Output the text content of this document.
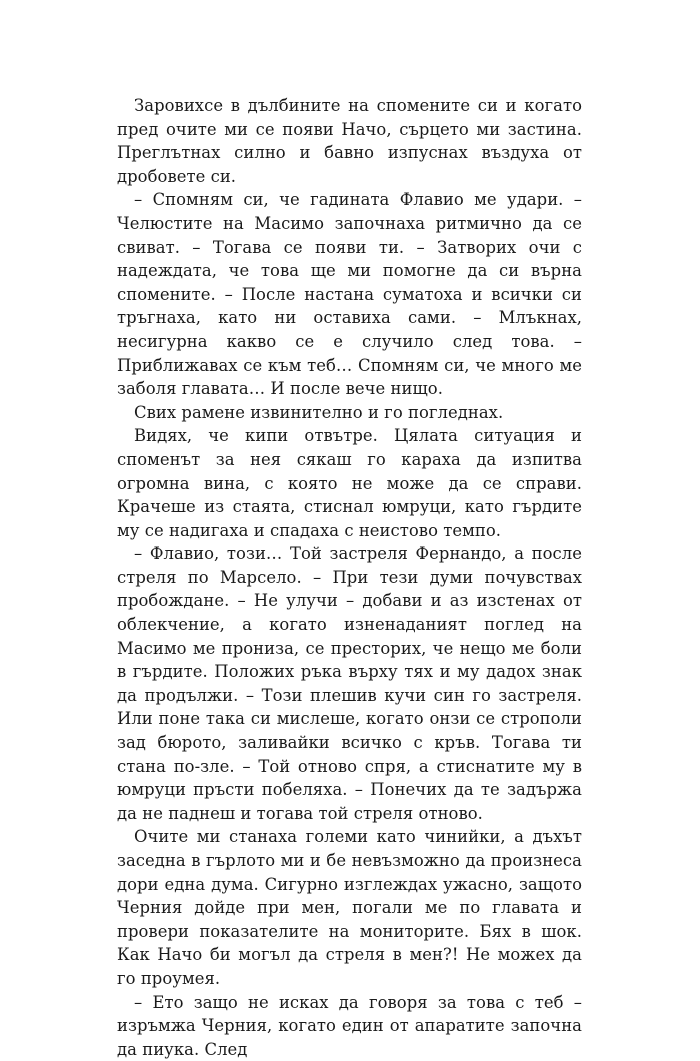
Заровихсе в дълбините на спомените си и когато пред очите ми се появи Начо, сърцето ми застина. Преглътнах силно и бавно изпуснах въздуха от дробовете си.

– Спомням си, че гадината Флавио ме удари. – Челюстите на Масимо започнаха ритмично да се свиват. – Тогава се появи ти. – Затворих очи с надеждата, че това ще ми помогне да си върна спомените. – После настана суматоха и всички си тръгнаха, като ни оставиха сами. – Млъкнах, несигурна какво се е случило след това. – Приближавах се към теб… Спомням си, че много ме заболя главата… И после вече нищо.

Свих рамене извинително и го погледнах.

Видях, че кипи отвътре. Цялата ситуация и споменът за нея сякаш го караха да изпитва огромна вина, с която не може да се справи. Крачеше из стаята, стиснал юмруци, като гърдите му се надигаха и спадаха с неистово темпо.

– Флавио, този… Той застреля Фернандо, а после стреля по Марсело. – При тези думи почувствах пробождане. – Не улучи – добави и аз изстенах от облекчение, а когато изненадaният поглед на Масимо ме прониза, се престорих, че нещо ме боли в гърдите. Положих ръка върху тях и му дадох знак да продължи. – Този плешив кучи син го застреля. Или поне така си мислеше, когато онзи се строполи зад бюрото, заливайки всичко с кръв. Тогава ти стана по-зле. – Той отново спря, а стиснатите му в юмруци пръсти побеляха. – Понечих да те задържа да не паднеш и тогава той стреля отново.

Очите ми станаха големи като чинийки, а дъхът заседна в гърлото ми и бе невъзможно да произнеса дори една дума. Сигурно изглеждах ужасно, защото Черния дойде при мен, погали ме по главата и провери показателите на мониторите. Бях в шок. Как Начо би могъл да стреля в мен?! Не можех да го проумея.

– Ето защо не исках да говоря за това с теб – изръмжа Черния, когато един от апаратите започна да пиука. След
